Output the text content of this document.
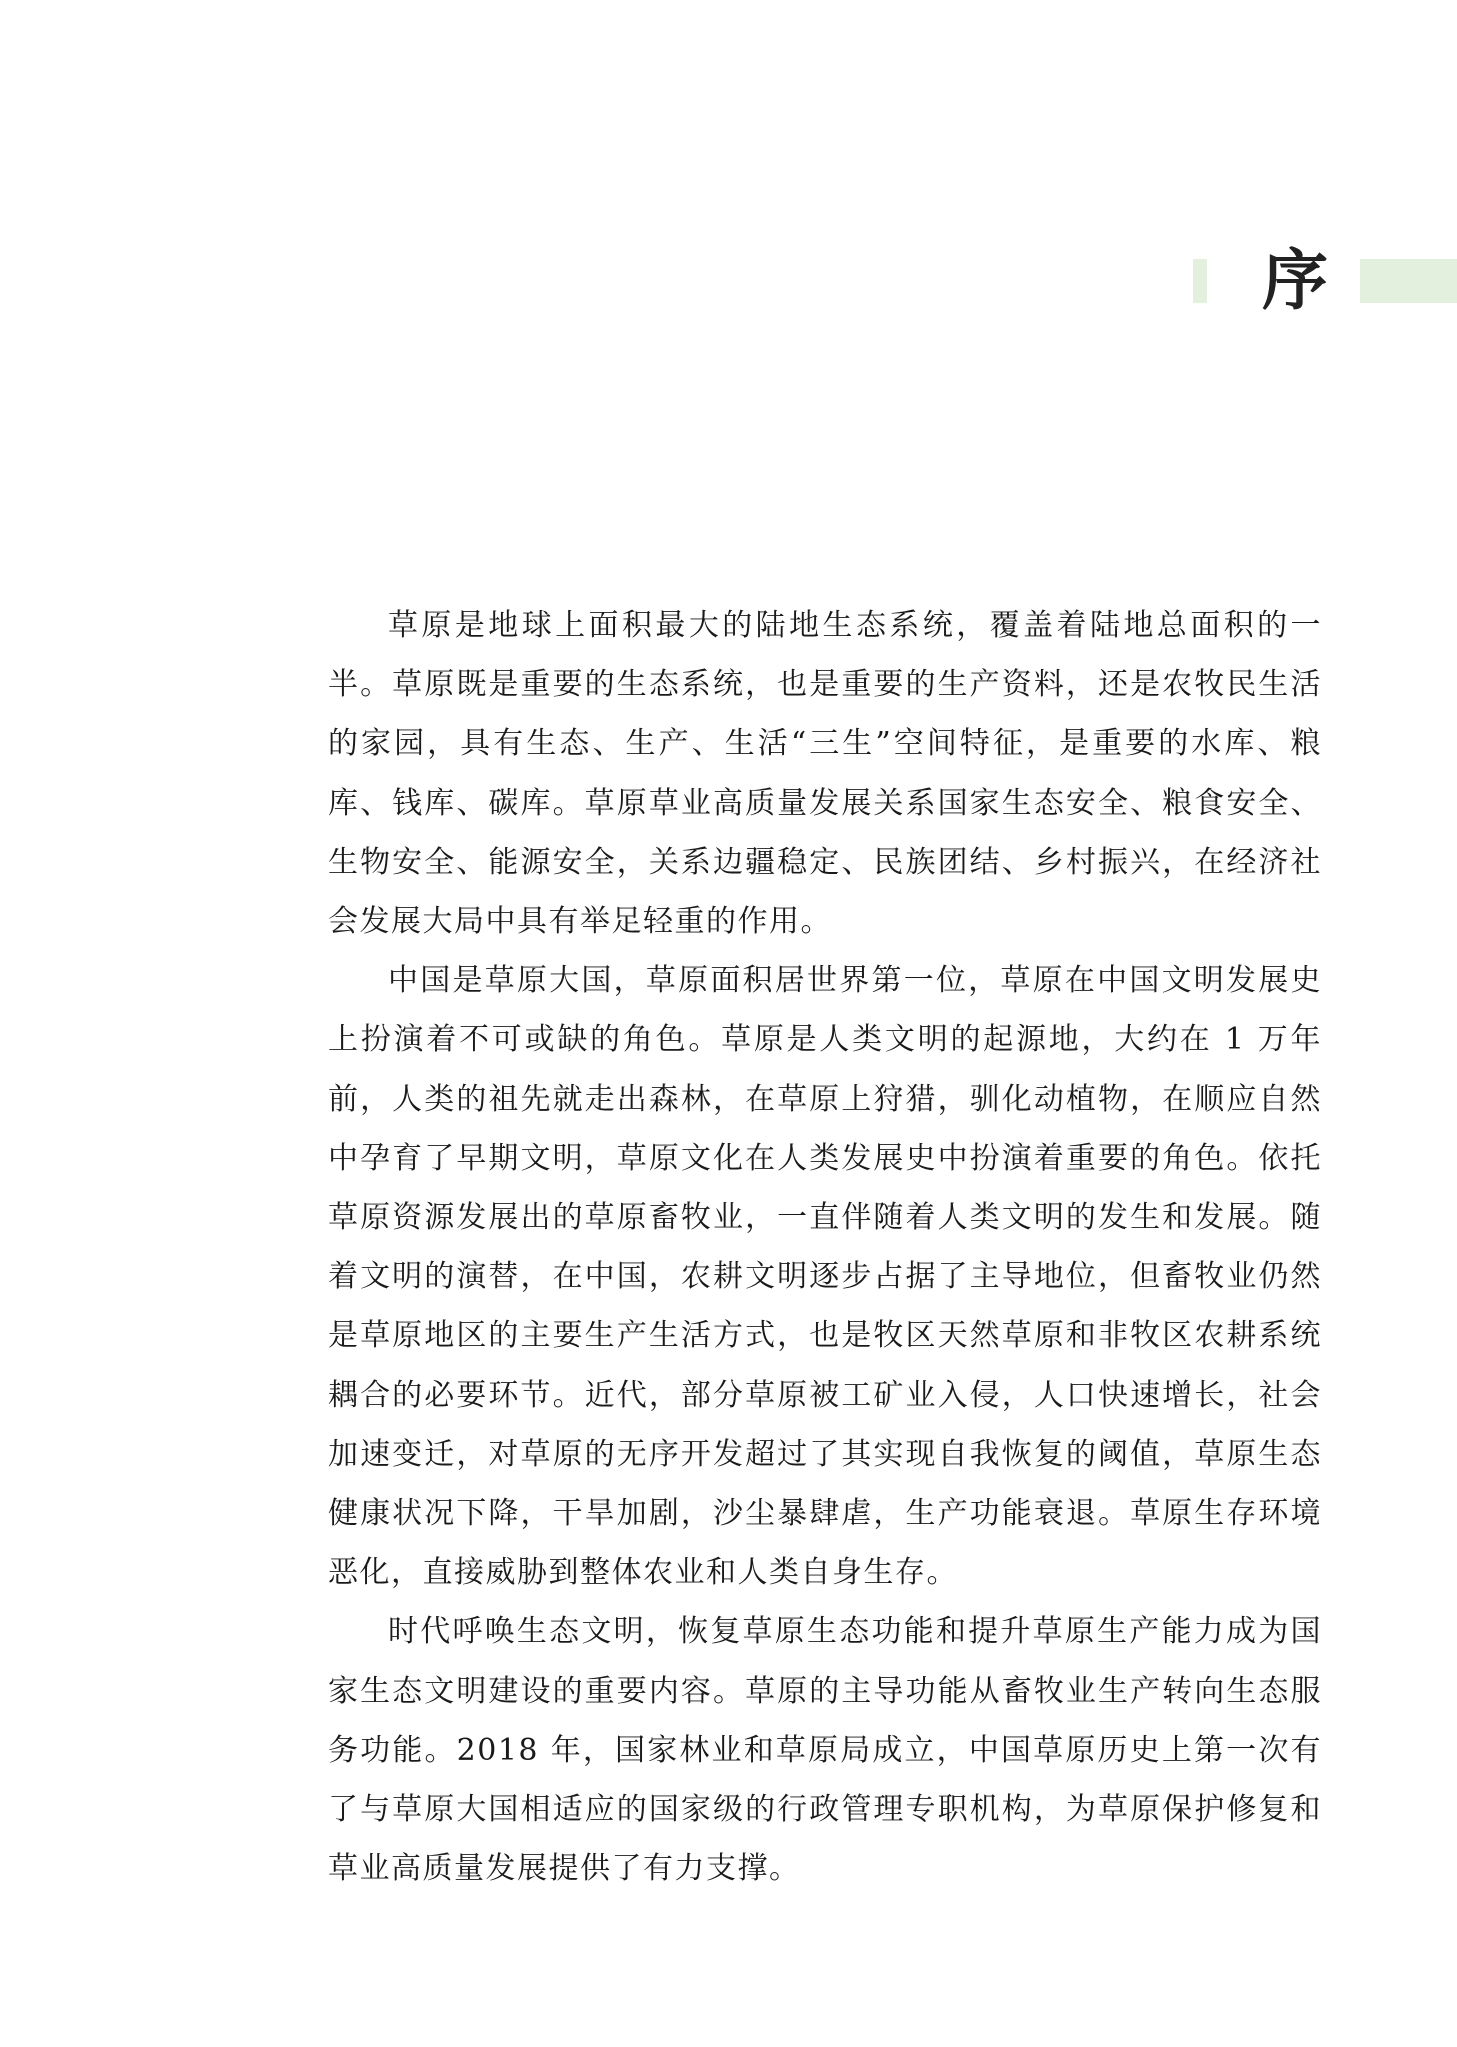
序

草原是地球上面积最大的陆地生态系统，覆盖着陆地总面积的一半。草原既是重要的生态系统，也是重要的生产资料，还是农牧民生活的家园，具有生态、生产、生活“三生”空间特征，是重要的水库、粮库、钱库、碳库。草原草业高质量发展关系国家生态安全、粮食安全、生物安全、能源安全，关系边疆稳定、民族团结、乡村振兴，在经济社会发展大局中具有举足轻重的作用。

中国是草原大国，草原面积居世界第一位，草原在中国文明发展史上扮演着不可或缺的角色。草原是人类文明的起源地，大约在 1 万年前，人类的祖先就走出森林，在草原上狩猎，驯化动植物，在顺应自然中孕育了早期文明，草原文化在人类发展史中扮演着重要的角色。依托草原资源发展出的草原畜牧业，一直伴随着人类文明的发生和发展。随着文明的演替，在中国，农耕文明逐步占据了主导地位，但畜牧业仍然是草原地区的主要生产生活方式，也是牧区天然草原和非牧区农耕系统耦合的必要环节。近代，部分草原被工矿业入侵，人口快速增长，社会加速变迁，对草原的无序开发超过了其实现自我恢复的阈值，草原生态健康状况下降，干旱加剧，沙尘暴肆虐，生产功能衰退。草原生存环境恶化，直接威胁到整体农业和人类自身生存。

时代呼唤生态文明，恢复草原生态功能和提升草原生产能力成为国家生态文明建设的重要内容。草原的主导功能从畜牧业生产转向生态服务功能。2018 年，国家林业和草原局成立，中国草原历史上第一次有了与草原大国相适应的国家级的行政管理专职机构，为草原保护修复和草业高质量发展提供了有力支撑。
